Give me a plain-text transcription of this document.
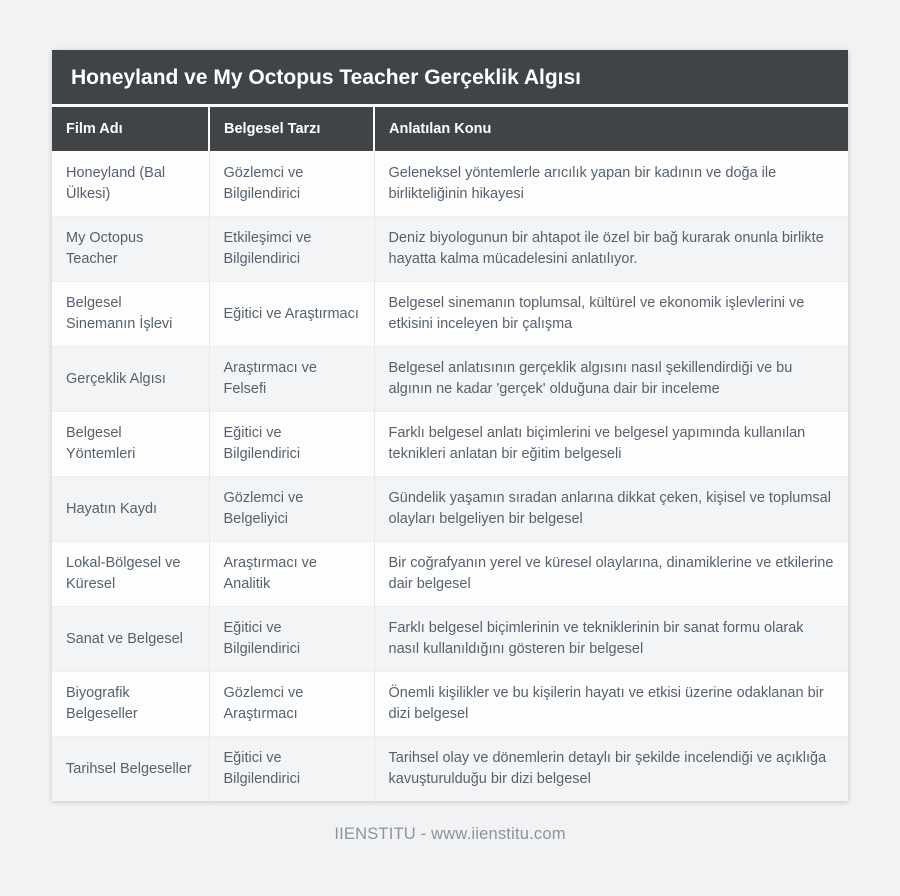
Honeyland ve My Octopus Teacher Gerçeklik Algısı
Film Adı	Belgesel Tarzı	Anlatılan Konu
Honeyland (Bal Ülkesi)	Gözlemci ve Bilgilendirici	Geleneksel yöntemlerle arıcılık yapan bir kadının ve doğa ile birlikteliğinin hikayesi
My Octopus Teacher	Etkileşimci ve Bilgilendirici	Deniz biyologunun bir ahtapot ile özel bir bağ kurarak onunla birlikte hayatta kalma mücadelesini anlatılıyor.
Belgesel Sinemanın İşlevi	Eğitici ve Araştırmacı	Belgesel sinemanın toplumsal, kültürel ve ekonomik işlevlerini ve etkisini inceleyen bir çalışma
Gerçeklik Algısı	Araştırmacı ve Felsefi	Belgesel anlatısının gerçeklik algısını nasıl şekillendirdiği ve bu algının ne kadar 'gerçek' olduğuna dair bir inceleme
Belgesel Yöntemleri	Eğitici ve Bilgilendirici	Farklı belgesel anlatı biçimlerini ve belgesel yapımında kullanılan teknikleri anlatan bir eğitim belgeseli
Hayatın Kaydı	Gözlemci ve Belgeliyici	Gündelik yaşamın sıradan anlarına dikkat çeken, kişisel ve toplumsal olayları belgeliyen bir belgesel
Lokal-Bölgesel ve Küresel	Araştırmacı ve Analitik	Bir coğrafyanın yerel ve küresel olaylarına, dinamiklerine ve etkilerine dair belgesel
Sanat ve Belgesel	Eğitici ve Bilgilendirici	Farklı belgesel biçimlerinin ve tekniklerinin bir sanat formu olarak nasıl kullanıldığını gösteren bir belgesel
Biyografik Belgeseller	Gözlemci ve Araştırmacı	Önemli kişilikler ve bu kişilerin hayatı ve etkisi üzerine odaklanan bir dizi belgesel
Tarihsel Belgeseller	Eğitici ve Bilgilendirici	Tarihsel olay ve dönemlerin detaylı bir şekilde incelendiği ve açıklığa kavuşturulduğu bir dizi belgesel
IIENSTITU - www.iienstitu.com
